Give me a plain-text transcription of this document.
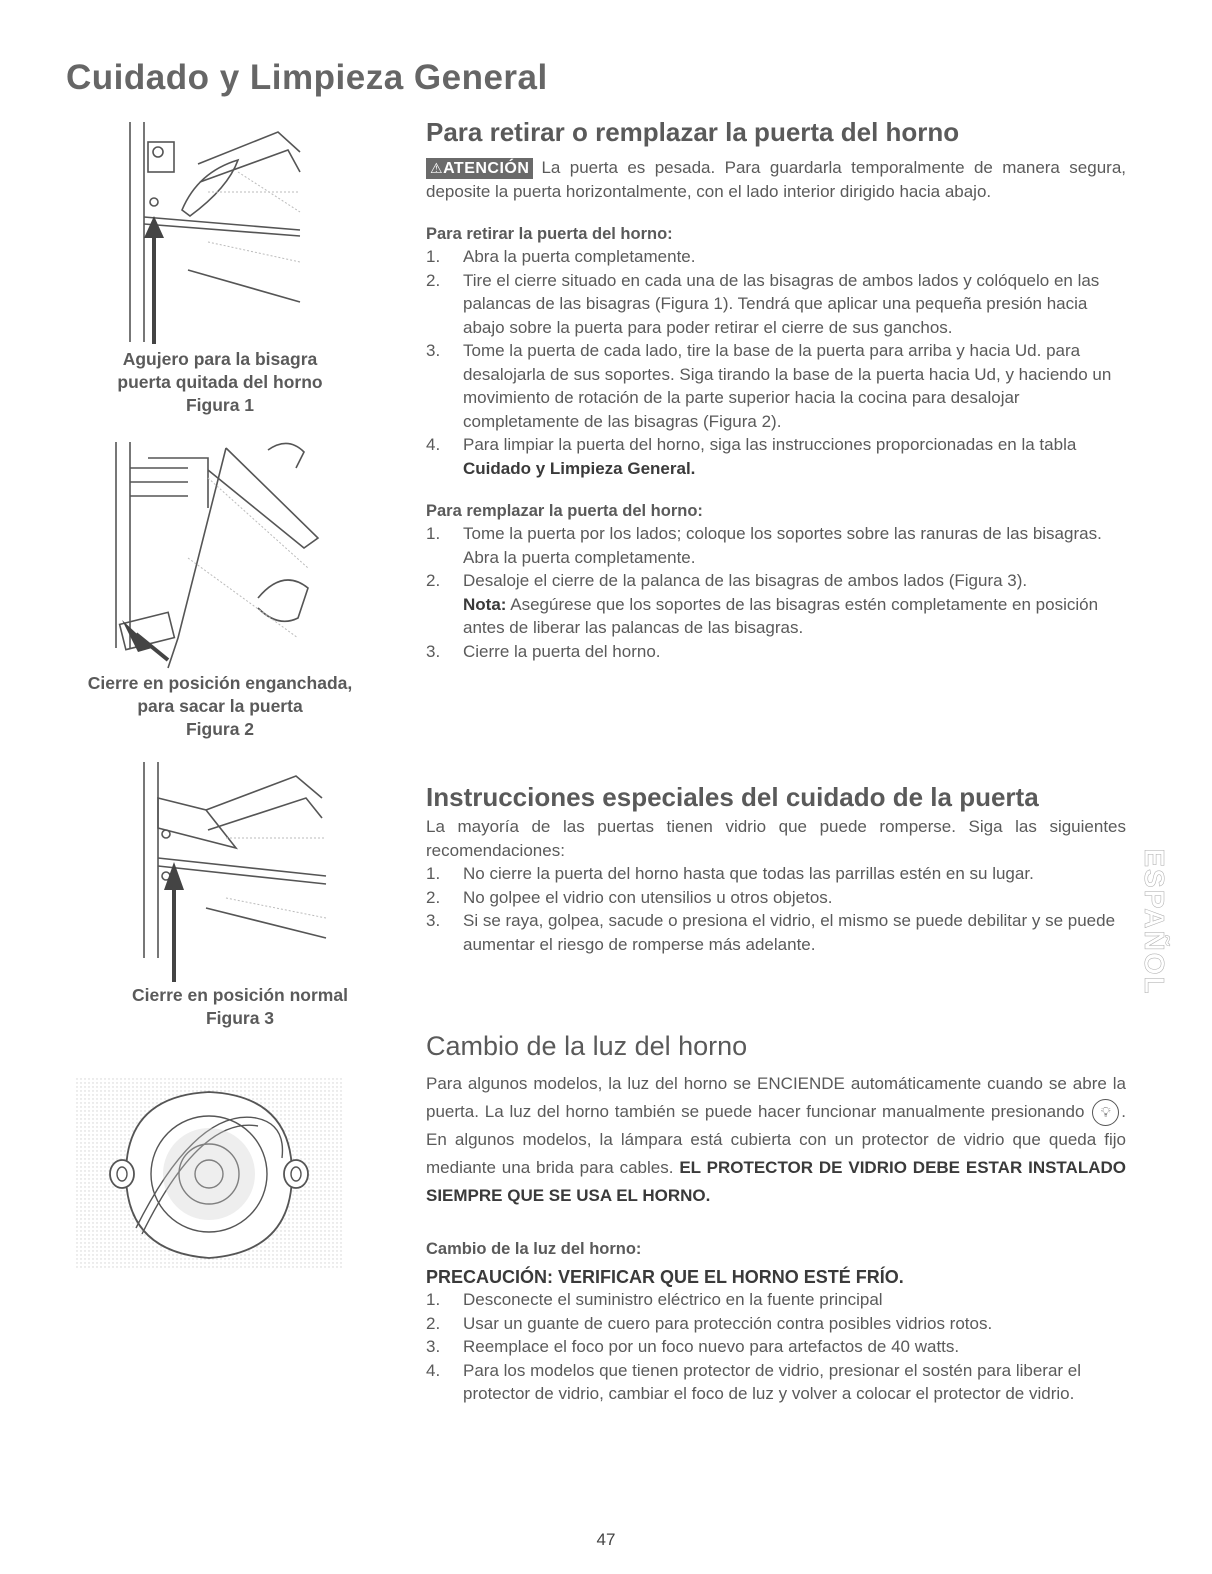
Cuidado y Limpieza General
Agujero para la bisagra
puerta quitada del horno
Figura 1
Cierre en posición enganchada,
para sacar la puerta
Figura 2
Cierre en posición normal
Figura 3
Para retirar o remplazar la puerta del horno

⚠ATENCIÓN La puerta es pesada. Para guardarla temporalmente de manera segura, deposite la puerta horizontalmente, con el lado interior dirigido hacia abajo.

Para retirar la puerta del horno:
1. Abra la puerta completamente.
2. Tire el cierre situado en cada una de las bisagras de ambos lados y colóquelo en las palancas de las bisagras (Figura 1). Tendrá que aplicar una pequeña presión hacia abajo sobre la puerta para poder retirar el cierre de sus ganchos.
3. Tome la puerta de cada lado, tire la base de la puerta para arriba y hacia Ud. para desalojarla de sus soportes. Siga tirando la base de la puerta hacia Ud, y haciendo un movimiento de rotación de la parte superior hacia la cocina para desalojar completamente de las bisagras (Figura 2).
4. Para limpiar la puerta del horno, siga las instrucciones proporcionadas en la tabla Cuidado y Limpieza General.
Para remplazar la puerta del horno:
1. Tome la puerta por los lados; coloque los soportes sobre las ranuras de las bisagras. Abra la puerta completamente.
2. Desaloje el cierre de la palanca de las bisagras de ambos lados (Figura 3).
Nota: Asegúrese que los soportes de las bisagras estén completamente en posición antes de liberar las palancas de las bisagras.
3. Cierre la puerta del horno.
Instrucciones especiales del cuidado de la puerta

La mayoría de las puertas tienen vidrio que puede romperse. Siga las siguientes recomendaciones:

1. No cierre la puerta del horno hasta que todas las parrillas estén en su lugar.
2. No golpee el vidrio con utensilios u otros objetos.
3. Si se raya, golpea, sacude o presiona el vidrio, el mismo se puede debilitar y se puede aumentar el riesgo de romperse más adelante.	ESPAÑOL
Cambio de la luz del horno

Para algunos modelos, la luz del horno se ENCIENDE automáticamente cuando se abre la puerta. La luz del horno también se puede hacer funcionar manualmente presionando 💡︎ . En algunos modelos, la lámpara está cubierta con un protector de vidrio que queda fijo mediante una brida para cables. EL PROTECTOR DE VIDRIO DEBE ESTAR INSTALADO SIEMPRE QUE SE USA EL HORNO.

Cambio de la luz del horno:
PRECAUCIÓN: VERIFICAR QUE EL HORNO ESTÉ FRÍO.
1. Desconecte el suministro eléctrico en la fuente principal
2. Usar un guante de cuero para protección contra posibles vidrios rotos.
3. Reemplace el foco por un foco nuevo para artefactos de 40 watts.
4. Para los modelos que tienen protector de vidrio, presionar el sostén para liberar el protector de vidrio, cambiar el foco de luz y volver a colocar el protector de vidrio.
47
